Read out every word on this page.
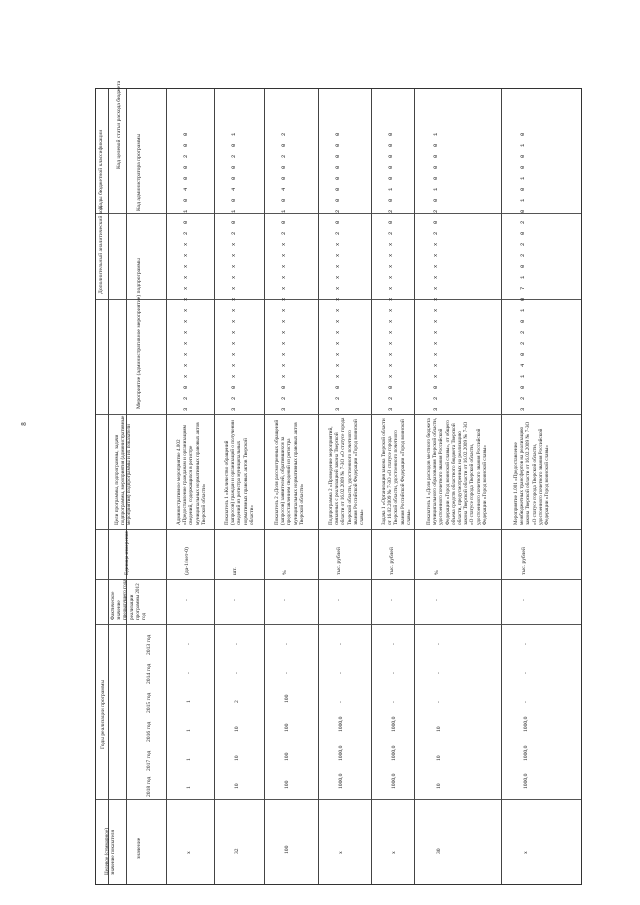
8
Коды бюджетной классификации
Дополнительный аналитический код
Код администратора программы
Код целевой статьи расхода бюджета
Мероприятие (административное мероприятие) подпрограммы
Цели программы, подпрограммы, задачи подпрограммы, мероприятия (административные мероприятия) подпрограммы и их показатели
Единица измерения
Фактическое значение предыдущего года реализации программы 2012 год
Годы реализации программы
Целевое (суммарное) значение показателя	значение
2013 год
2014 год
2015 год
2016 год
2017 год
2018 год
3 2 0 x x x x x x x x x x x x x 2 0 1 0 4 0 0 2 0 0
Административное мероприятие 4.002 «Предоставление гражданам и организациям сведений, содержащихся в регистре муниципальных нормативных правовых актов Тверской области»
(да-1/нет-0)
-
-
-
1
1
1
1
x
3 2 0 x x x x x x x x x x x x x 2 0 1 0 4 0 0 2 0 1
Показатель 1 «Количество обращений (запросов) граждан и организаций о получении сведений из регистра муниципальных нормативных правовых актов Тверской области»
шт.
-
-
-
2
10
10
10
32
3 2 0 x x x x x x x x x x x x x 2 0 1 0 4 0 0 2 0 2
Показатель 2 «Доля рассмотренных обращений (запросов) заявителей, обратившихся за предоставлением сведений из регистра муниципальных нормативных правовых актов Тверской области»
%
-
-
-
100
100
100
100
100
3 2 0 x x x x x x x x x x x x x 2 0 2 0 0 0 0 0 0 0
Подпрограмма 2 «Проведение мероприятий, связанных с реализацией закона Тверской области от 16.02.2009 № 7-ЗО «О статусе города Тверской области, удостоенного почетного звания Российской Федерации «Город воинской славы»
тыс. рублей
-
-
-
-
1000,0
1000,0
1000,0
x
3 2 0 x x x x x x x x x x x x x 2 0 2 0 1 0 0 0 0 0
Задача 1 «Организация закона Тверской области от 16.02.2009 № 7-ЗО «О статусе города Тверской области, удостоенного почетного звания Российской Федерации «Город воинской славы»
тыс. рублей
-
-
-
-
1000,0
1000,0
1000,0
x
3 2 0 x x x x x x x x x x x x x 2 0 2 0 1 0 0 0 0 1
Показатель 1 «Доля расходов местного бюджета муниципального образования Тверской области, удостоенного почетного звания Российской Федерации «Город воинской славы», от общего объема средств областного бюджета Тверской области, предусмотренных на реализацию закона Тверской области от 16.02.2009 № 7-ЗО «О статусе города Тверской области, удостоенного почетного звания Российской Федерации «Город воинской славы»
%
-
-
-
-
10
10
10
30
3 2 0 1 4 0 2 2 0 1 0 7 1 0 2 2 0 2 0 1 0 1 0 0 1 0
Мероприятие 1.001 «Предоставление межбюджетных трансфертов на реализацию закона Тверской области от 16.02.2009 № 7-ЗО «О статусе города Тверской области, удостоенного почетного звания Российской Федерации «Город воинской славы»
тыс. рублей
-
-
-
-
1000,0
1000,0
1000,0
x
